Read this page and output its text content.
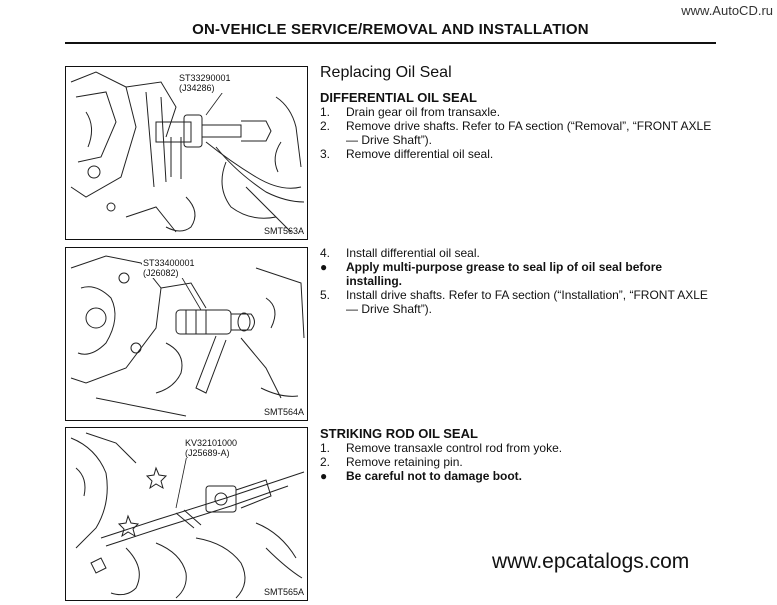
www.AutoCD.ru
ON-VEHICLE SERVICE/REMOVAL AND INSTALLATION
ST33290001
(J34286)
SMT563A
ST33400001
(J26082)
SMT564A
KV32101000
(J25689-A)
SMT565A
Replacing Oil Seal
DIFFERENTIAL OIL SEAL
1. Drain gear oil from transaxle.
2. Remove drive shafts. Refer to FA section (“Removal”, “FRONT AXLE — Drive Shaft”).
3. Remove differential oil seal.
4. Install differential oil seal.
● Apply multi-purpose grease to seal lip of oil seal before installing.
5. Install drive shafts. Refer to FA section (“Installation”, “FRONT AXLE — Drive Shaft”).
STRIKING ROD OIL SEAL
1. Remove transaxle control rod from yoke.
2. Remove retaining pin.
● Be careful not to damage boot.
www.epcatalogs.com
